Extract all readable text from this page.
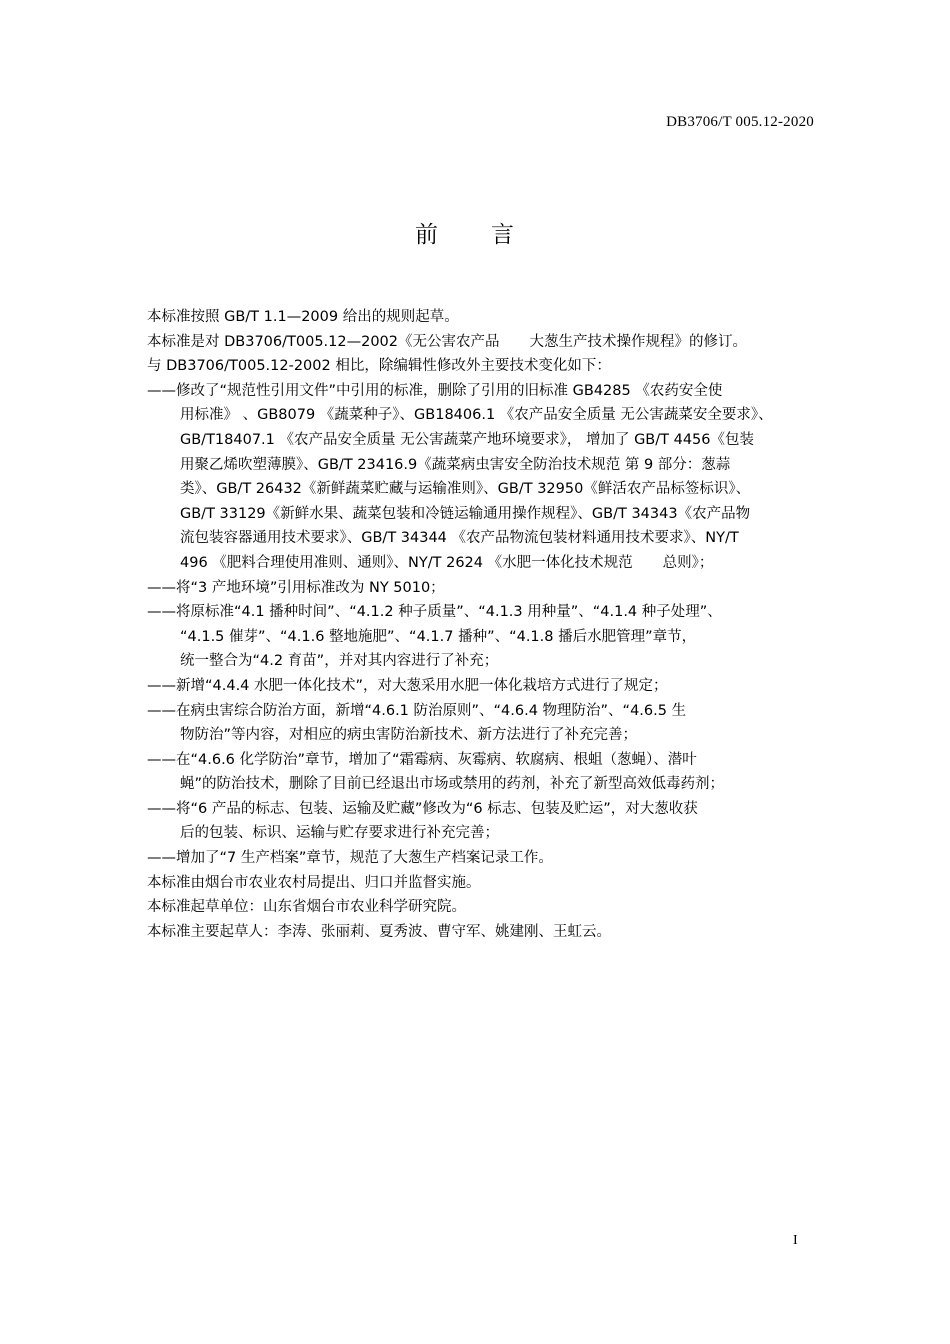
DB3706/T 005.12-2020
前 言
本标准按照 GB/T 1.1—2009 给出的规则起草。
本标准是对 DB3706/T005.12—2002《无公害农产品 大葱生产技术操作规程》的修订。
与 DB3706/T005.12-2002 相比，除编辑性修改外主要技术变化如下：
——修改了“规范性引用文件”中引用的标准，删除了引用的旧标准 GB4285 《农药安全使
用标准》 、GB8079 《蔬菜种子》、GB18406.1 《农产品安全质量 无公害蔬菜安全要求》、
GB/T18407.1 《农产品安全质量 无公害蔬菜产地环境要求》， 增加了 GB/T 4456《包装
用聚乙烯吹塑薄膜》、GB/T 23416.9《蔬菜病虫害安全防治技术规范 第 9 部分：葱蒜
类》、GB/T 26432《新鲜蔬菜贮藏与运输准则》、GB/T 32950《鲜活农产品标签标识》、
GB/T 33129《新鲜水果、蔬菜包装和冷链运输通用操作规程》、GB/T 34343《农产品物
流包装容器通用技术要求》、GB/T 34344 《农产品物流包装材料通用技术要求》、NY/T
496 《肥料合理使用准则、通则》、NY/T 2624 《水肥一体化技术规范 总则》；
——将“3 产地环境”引用标准改为 NY 5010；
——将原标准“4.1 播种时间”、“4.1.2 种子质量”、“4.1.3 用种量”、“4.1.4 种子处理”、
“4.1.5 催芽”、“4.1.6 整地施肥”、“4.1.7 播种”、“4.1.8 播后水肥管理”章节，
统一整合为“4.2 育苗”，并对其内容进行了补充；
——新增“4.4.4 水肥一体化技术”，对大葱采用水肥一体化栽培方式进行了规定；
——在病虫害综合防治方面，新增“4.6.1 防治原则”、“4.6.4 物理防治”、“4.6.5 生
物防治”等内容，对相应的病虫害防治新技术、新方法进行了补充完善；
——在“4.6.6 化学防治”章节，增加了“霜霉病、灰霉病、软腐病、根蛆（葱蝇）、潜叶
蝇”的防治技术，删除了目前已经退出市场或禁用的药剂，补充了新型高效低毒药剂；
——将“6 产品的标志、包装、运输及贮藏”修改为“6 标志、包装及贮运”，对大葱收获
后的包装、标识、运输与贮存要求进行补充完善；
——增加了“7 生产档案”章节，规范了大葱生产档案记录工作。
本标准由烟台市农业农村局提出、归口并监督实施。
本标准起草单位：山东省烟台市农业科学研究院。
本标准主要起草人：李涛、张丽莉、夏秀波、曹守军、姚建刚、王虹云。
I
